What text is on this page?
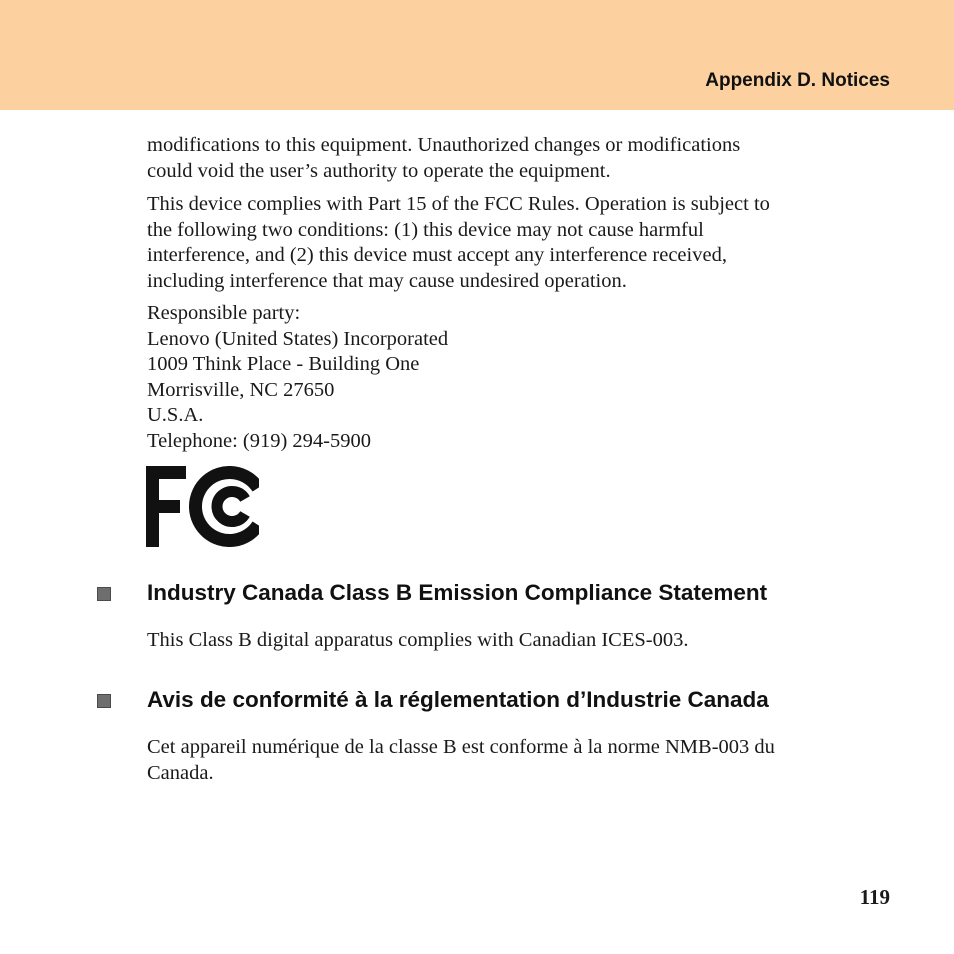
Appendix D. Notices
modifications to this equipment. Unauthorized changes or modifications
could void the user’s authority to operate the equipment.
This device complies with Part 15 of the FCC Rules. Operation is subject to
the following two conditions: (1) this device may not cause harmful
interference, and (2) this device must accept any interference received,
including interference that may cause undesired operation.
Responsible party:
Lenovo (United States) Incorporated
1009 Think Place - Building One
Morrisville, NC 27650
U.S.A.
Telephone: (919) 294-5900
Industry Canada Class B Emission Compliance Statement
This Class B digital apparatus complies with Canadian ICES-003.
Avis de conformité à la réglementation d’Industrie Canada
Cet appareil numérique de la classe B est conforme à la norme NMB-003 du
Canada.
119
